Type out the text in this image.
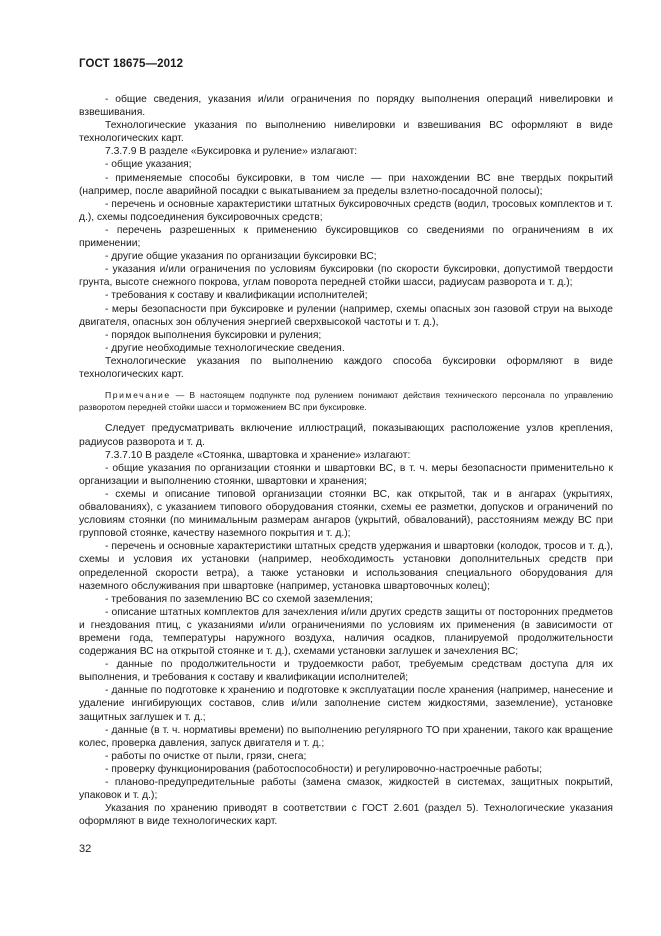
ГОСТ 18675—2012

- общие сведения, указания и/или ограничения по порядку выполнения операций нивелировки и взвешивания.

Технологические указания по выполнению нивелировки и взвешивания ВС оформляют в виде технологических карт.

7.3.7.9 В разделе «Буксировка и руление» излагают:

- общие указания;

- применяемые способы буксировки, в том числе — при нахождении ВС вне твердых покрытий (например, после аварийной посадки с выкатыванием за пределы взлетно-посадочной полосы);

- перечень и основные характеристики штатных буксировочных средств (водил, тросовых комплектов и т. д.), схемы подсоединения буксировочных средств;

- перечень разрешенных к применению буксировщиков со сведениями по ограничениям в их применении;

- другие общие указания по организации буксировки ВС;

- указания и/или ограничения по условиям буксировки (по скорости буксировки, допустимой твердости грунта, высоте снежного покрова, углам поворота передней стойки шасси, радиусам разворота и т. д.);

- требования к составу и квалификации исполнителей;

- меры безопасности при буксировке и рулении (например, схемы опасных зон газовой струи на выходе двигателя, опасных зон облучения энергией сверхвысокой частоты и т. д.),

- порядок выполнения буксировки и руления;

- другие необходимые технологические сведения.

Технологические указания по выполнению каждого способа буксировки оформляют в виде технологических карт.

Примечание — В настоящем подпункте под рулением понимают действия технического персонала по управлению разворотом передней стойки шасси и торможением ВС при буксировке.

Следует предусматривать включение иллюстраций, показывающих расположение узлов крепления, радиусов разворота и т. д.

7.3.7.10 В разделе «Стоянка, швартовка и хранение» излагают:

- общие указания по организации стоянки и швартовки ВС, в т. ч. меры безопасности применительно к организации и выполнению стоянки, швартовки и хранения;

- схемы и описание типовой организации стоянки ВС, как открытой, так и в ангарах (укрытиях, обвалованиях), с указанием типового оборудования стоянки, схемы ее разметки, допусков и ограничений по условиям стоянки (по минимальным размерам ангаров (укрытий, обвалований), расстояниям между ВС при групповой стоянке, качеству наземного покрытия и т. д.);

- перечень и основные характеристики штатных средств удержания и швартовки (колодок, тросов и т. д.), схемы и условия их установки (например, необходимость установки дополнительных средств при определенной скорости ветра), а также установки и использования специального оборудования для наземного обслуживания при швартовке (например, установка швартовочных колец);

- требования по заземлению ВС со схемой заземления;

- описание штатных комплектов для зачехления и/или других средств защиты от посторонних предметов и гнездования птиц, с указаниями и/или ограничениями по условиям их применения (в зависимости от времени года, температуры наружного воздуха, наличия осадков, планируемой продолжительности содержания ВС на открытой стоянке и т. д.), схемами установки заглушек и зачехления ВС;

- данные по продолжительности и трудоемкости работ, требуемым средствам доступа для их выполнения, и требования к составу и квалификации исполнителей;

- данные по подготовке к хранению и подготовке к эксплуатации после хранения (например, нанесение и удаление ингибирующих составов, слив и/или заполнение систем жидкостями, заземление), установке защитных заглушек и т. д.;

- данные (в т. ч. нормативы времени) по выполнению регулярного ТО при хранении, такого как вращение колес, проверка давления, запуск двигателя и т. д.;

- работы по очистке от пыли, грязи, снега;

- проверку функционирования (работоспособности) и регулировочно-настроечные работы;

- планово-предупредительные работы (замена смазок, жидкостей в системах, защитных покрытий, упаковок и т. д.);

Указания по хранению приводят в соответствии с ГОСТ 2.601 (раздел 5). Технологические указания оформляют в виде технологических карт.

32
